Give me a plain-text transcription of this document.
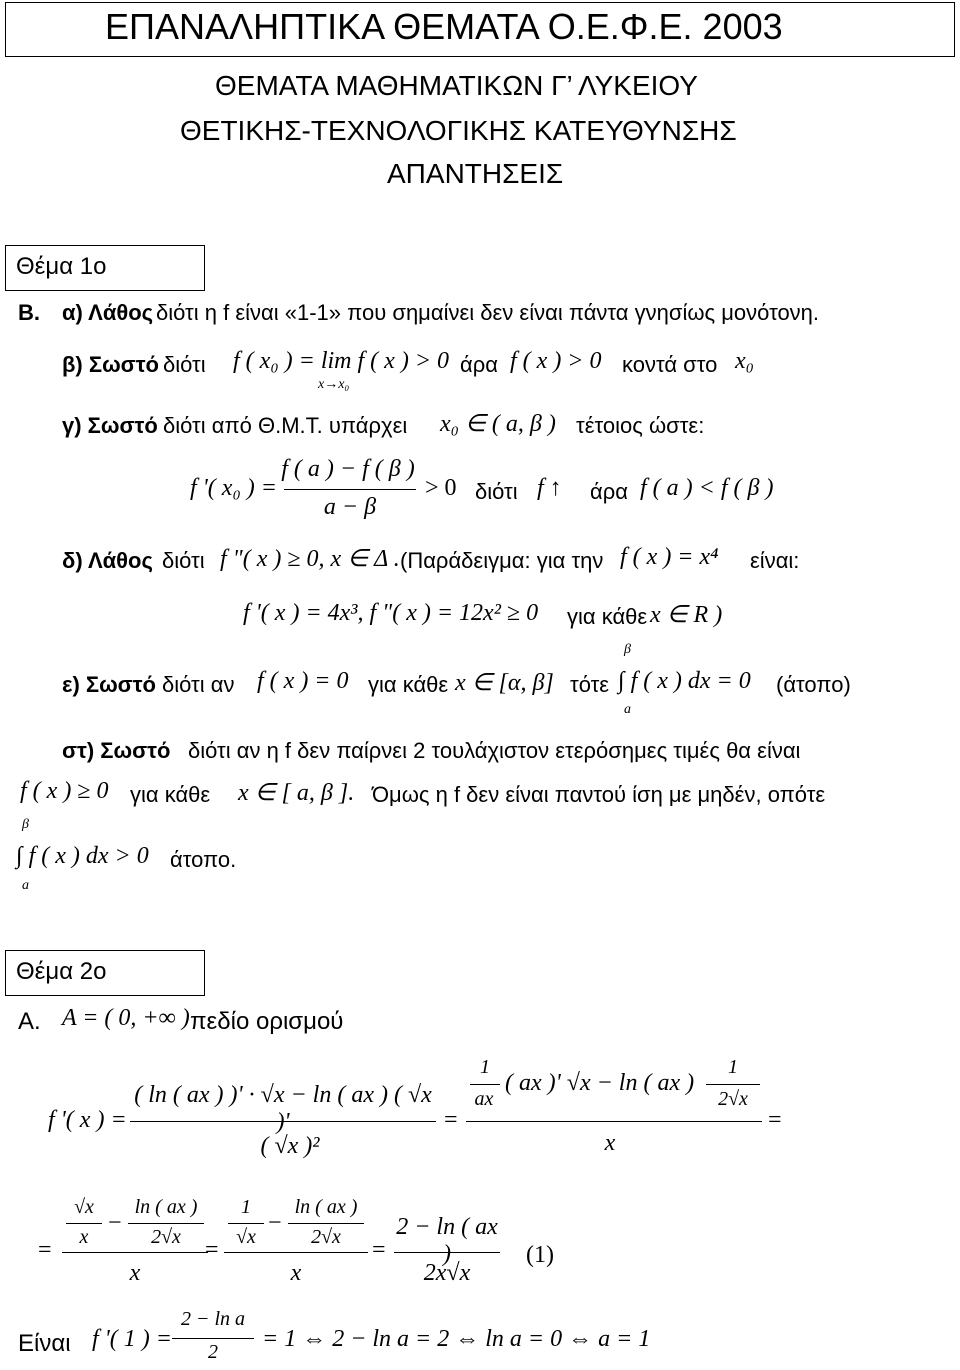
ΕΠΑΝΑΛΗΠΤΙΚΑ ΘΕΜΑΤΑ Ο.Ε.Φ.Ε. 2003
ΘΕΜΑΤΑ ΜΑΘΗΜΑΤΙΚΩΝ Γ’ ΛΥΚΕΙΟΥ
ΘΕΤΙΚΗΣ-ΤΕΧΝΟΛΟΓΙΚΗΣ ΚΑΤΕΥΘΥΝΣΗΣ
ΑΠΑΝΤΗΣΕΙΣ
Θέμα 1ο
Β. α) Λάθος διότι η f είναι «1-1» που σημαίνει δεν είναι πάντα γνησίως μονότονη.
β) Σωστό διότι f ( x₀ ) = lim f ( x ) > 0
x→x₀
άρα f ( x ) > 0 κοντά στο x₀
γ) Σωστό διότι από Θ.Μ.Τ. υπάρχει x₀ ∈ ( a, β ) τέτοιος ώστε:
f '( x₀ ) =
f ( a ) − f ( β )
a − β
> 0 διότι f ↑ άρα f ( a ) < f ( β )
δ) Λάθος διότι f "( x ) ≥ 0, x ∈ Δ . (Παράδειγμα: για την f ( x ) = x⁴ είναι:
f '( x ) = 4x³, f "( x ) = 12x² ≥ 0 για κάθε x ∈ R )
ε) Σωστό διότι αν f ( x ) = 0 για κάθε x ∈ [α, β] τότε
β
∫ f ( x ) dx = 0
a
(άτοπο)
στ) Σωστό διότι αν η f δεν παίρνει 2 τουλάχιστον ετερόσημες τιμές θα είναι
f ( x ) ≥ 0 για κάθε x ∈ [ a, β ]. Όμως η f δεν είναι παντού ίση με μηδέν, οπότε
β
∫ f ( x ) dx > 0
a
άτοπο.
Θέμα 2ο
Α. A = ( 0, +∞ ) πεδίο ορισμού
f '( x ) =
( ln ( ax ) )' · √x − ln ( ax ) ( √x )'
( √x )²
=
1
ax
( ax )' √x − ln ( ax )
1
2√x
x
=
=
√x
x
−
ln ( ax )
2√x
x
=
1
√x
−
ln ( ax )
2√x
x
=
2 − ln ( ax )
2x√x
(1)
Είναι f '( 1 ) =
2 − ln a
2	= 1 ⇔ 2 − ln a = 2 ⇔ ln a = 0 ⇔ a = 1
